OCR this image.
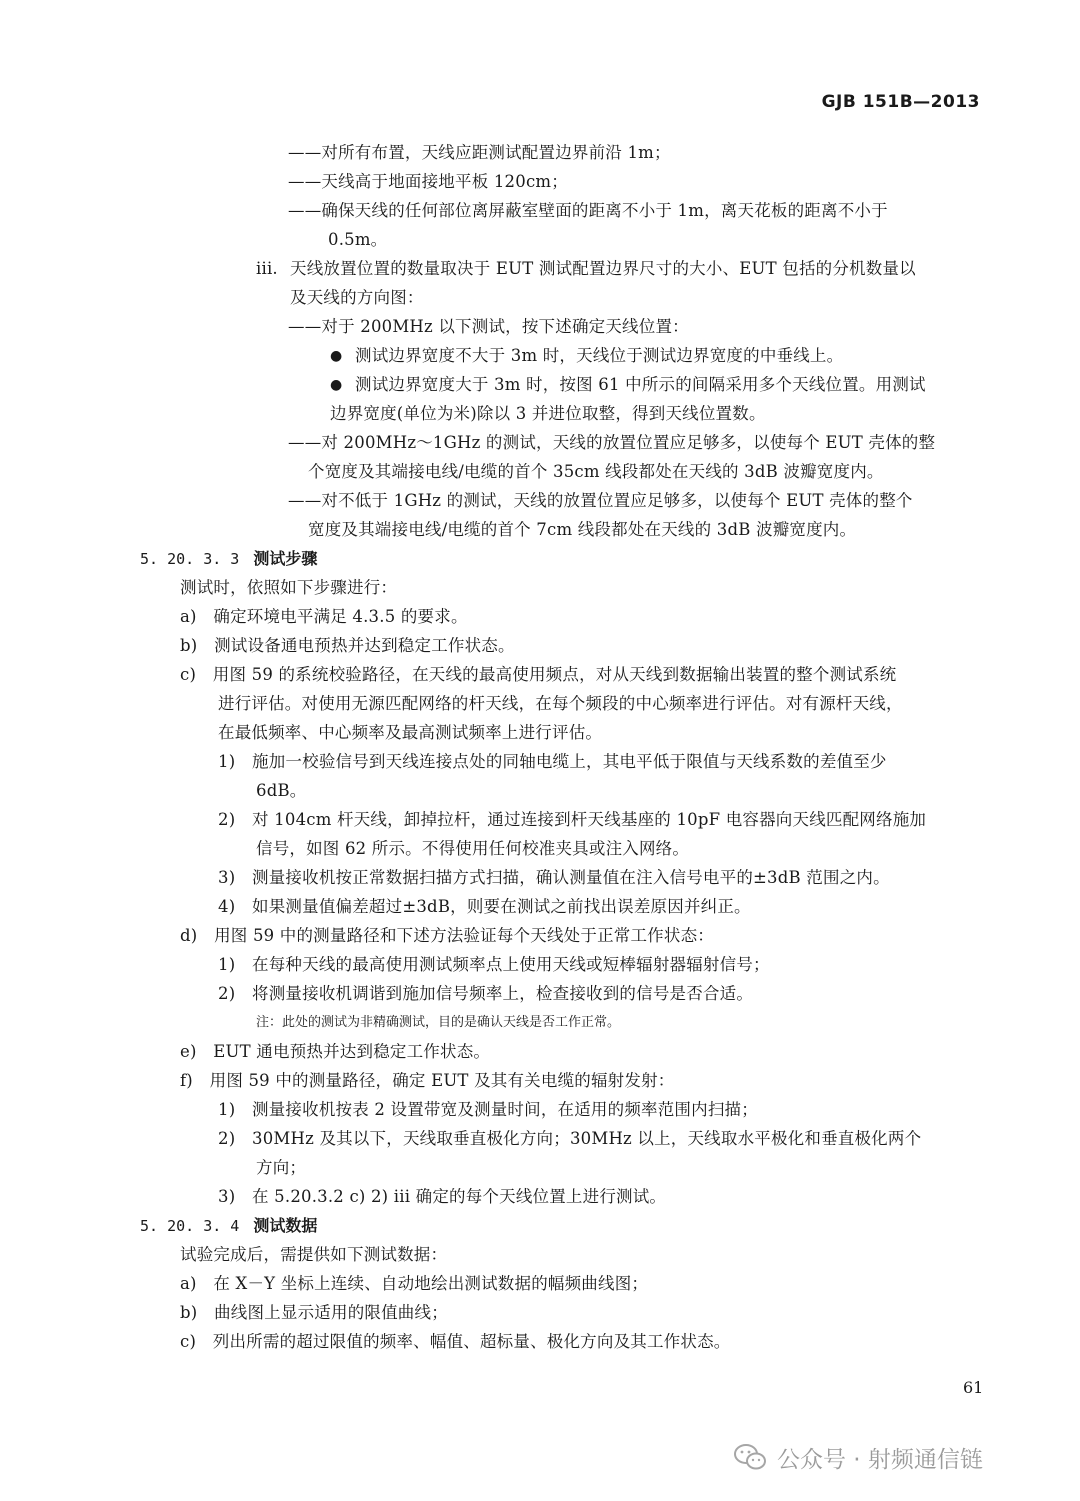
GJB 151B—2013
——对所有布置，天线应距测试配置边界前沿 1m；
——天线高于地面接地平板 120cm；
——确保天线的任何部位离屏蔽室壁面的距离不小于 1m，离天花板的距离不小于
0.5m。
iii. 天线放置位置的数量取决于 EUT 测试配置边界尺寸的大小、EUT 包括的分机数量以
及天线的方向图：
——对于 200MHz 以下测试，按下述确定天线位置：
● 测试边界宽度不大于 3m 时，天线位于测试边界宽度的中垂线上。
● 测试边界宽度大于 3m 时，按图 61 中所示的间隔采用多个天线位置。用测试
边界宽度(单位为米)除以 3 并进位取整，得到天线位置数。
——对 200MHz～1GHz 的测试，天线的放置位置应足够多，以使每个 EUT 壳体的整
个宽度及其端接电线/电缆的首个 35cm 线段都处在天线的 3dB 波瓣宽度内。
——对不低于 1GHz 的测试，天线的放置位置应足够多，以使每个 EUT 壳体的整个
宽度及其端接电线/电缆的首个 7cm 线段都处在天线的 3dB 波瓣宽度内。
5. 20. 3. 3 测试步骤
测试时，依照如下步骤进行：
a)　确定环境电平满足 4.3.5 的要求。
b)　测试设备通电预热并达到稳定工作状态。
c)　用图 59 的系统校验路径，在天线的最高使用频点，对从天线到数据输出装置的整个测试系统
进行评估。对使用无源匹配网络的杆天线，在每个频段的中心频率进行评估。对有源杆天线，
在最低频率、中心频率及最高测试频率上进行评估。
1)　施加一校验信号到天线连接点处的同轴电缆上，其电平低于限值与天线系数的差值至少
6dB。
2)　对 104cm 杆天线，卸掉拉杆，通过连接到杆天线基座的 10pF 电容器向天线匹配网络施加
信号，如图 62 所示。不得使用任何校准夹具或注入网络。
3)　测量接收机按正常数据扫描方式扫描，确认测量值在注入信号电平的±3dB 范围之内。
4)　如果测量值偏差超过±3dB，则要在测试之前找出误差原因并纠正。
d)　用图 59 中的测量路径和下述方法验证每个天线处于正常工作状态：
1)　在每种天线的最高使用测试频率点上使用天线或短棒辐射器辐射信号；
2)　将测量接收机调谐到施加信号频率上，检查接收到的信号是否合适。
注：此处的测试为非精确测试，目的是确认天线是否工作正常。
e)　EUT 通电预热并达到稳定工作状态。
f)　用图 59 中的测量路径，确定 EUT 及其有关电缆的辐射发射：
1)　测量接收机按表 2 设置带宽及测量时间，在适用的频率范围内扫描；
2)　30MHz 及其以下，天线取垂直极化方向；30MHz 以上，天线取水平极化和垂直极化两个
方向；
3)　在 5.20.3.2 c) 2) iii 确定的每个天线位置上进行测试。
5. 20. 3. 4 测试数据
试验完成后，需提供如下测试数据：
a)　在 X－Y 坐标上连续、自动地绘出测试数据的幅频曲线图；
b)　曲线图上显示适用的限值曲线；
c)　列出所需的超过限值的频率、幅值、超标量、极化方向及其工作状态。
61
公众号 · 射频通信链
